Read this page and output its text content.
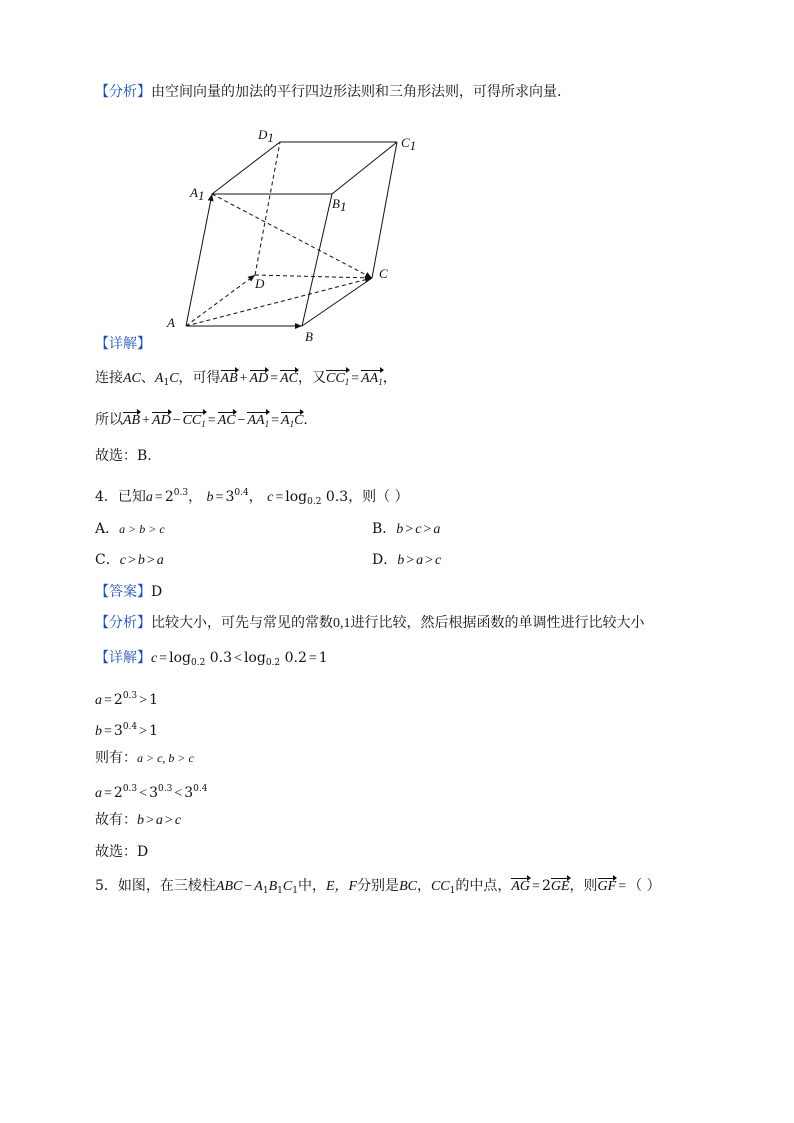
【分析】由空间向量的加法的平行四边形法则和三角形法则，可得所求向量.
D1	C1
A1
B1
C
D
A
B
【详解】
连接AC、$A_1C$，可得AB + AD = AC，又$CC_1 = AA_1$，
所以AB + AD − $CC_1$ = AC − $AA_1 = A_1C$.
故选：B.
4．已知$a = 2^{0.3}$， $b = 3^{0.4}$， $c = \log_{0.2} 0.3$，则（ ）
A．a > b > c	B．b > c > a
C．c > b > a	D．b > a > c
【答案】D
【分析】比较大小，可先与常见的常数0,1进行比较，然后根据函数的单调性进行比较大小
【详解】$c = \log_{0.2} 0.3 < \log_{0.2} 0.2 = 1$
$a = 2^{0.3} > 1$
$b = 3^{0.4} > 1$
则有：a > c, b > c
$a = 2^{0.3} < 3^{0.3} < 3^{0.4}$
故有：b > a > c
故选：D
5．如图，在三棱柱ABC − $A_1B_1C_1$中，E，F分别是BC，$CC_1$的中点，AG = 2GE，则GF = （ ）
